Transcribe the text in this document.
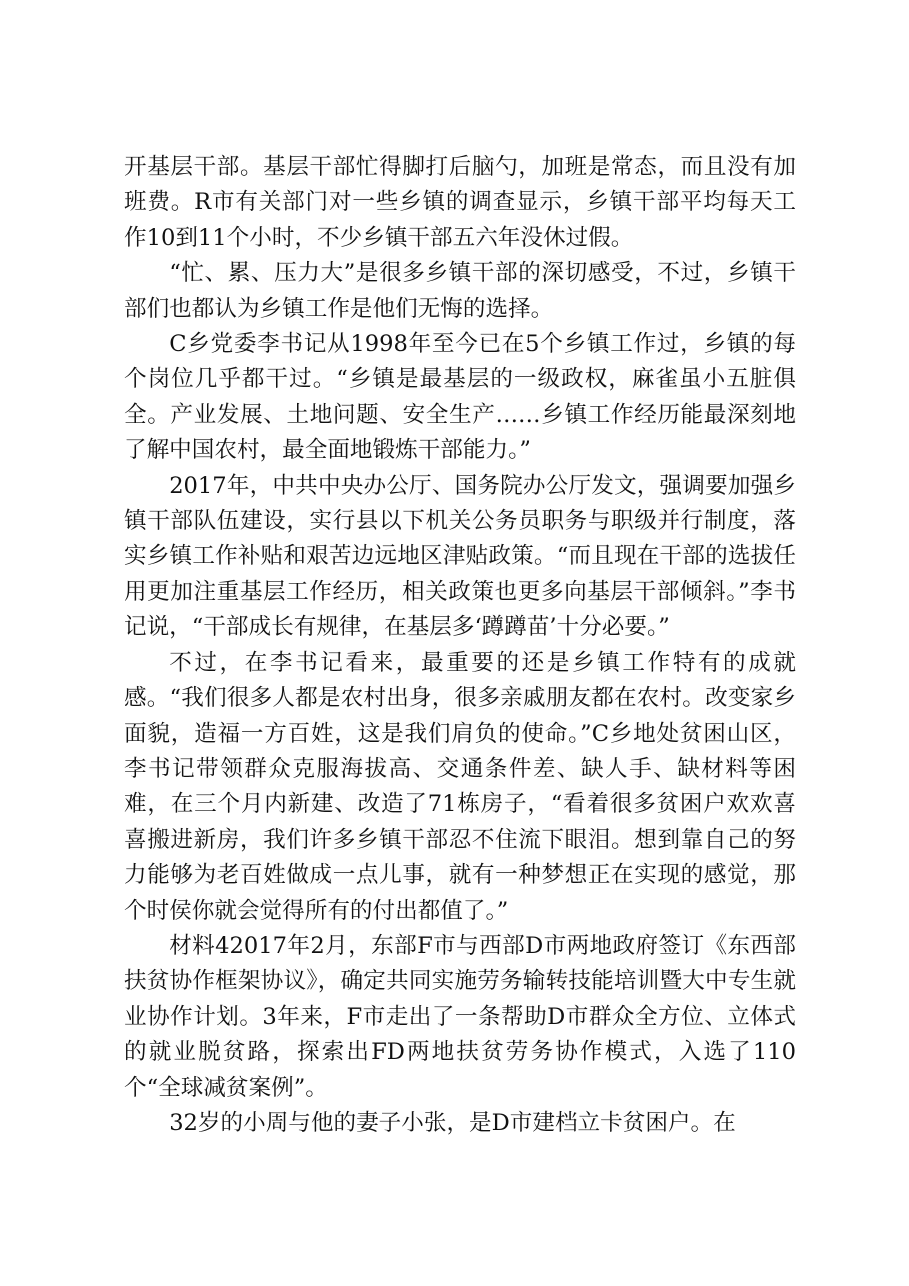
开基层干部。基层干部忙得脚打后脑勺，加班是常态，而且没有加班费。R市有关部门对一些乡镇的调查显示，乡镇干部平均每天工作10到11个小时，不少乡镇干部五六年没休过假。

“忙、累、压力大”是很多乡镇干部的深切感受，不过，乡镇干部们也都认为乡镇工作是他们无悔的选择。

C乡党委李书记从1998年至今已在5个乡镇工作过，乡镇的每个岗位几乎都干过。“乡镇是最基层的一级政权，麻雀虽小五脏俱全。产业发展、土地问题、安全生产……乡镇工作经历能最深刻地了解中国农村，最全面地锻炼干部能力。”

2017年，中共中央办公厅、国务院办公厅发文，强调要加强乡镇干部队伍建设，实行县以下机关公务员职务与职级并行制度，落实乡镇工作补贴和艰苦边远地区津贴政策。“而且现在干部的选拔任用更加注重基层工作经历，相关政策也更多向基层干部倾斜。”李书记说，“干部成长有规律，在基层多‘蹲蹲苗’十分必要。”

不过，在李书记看来，最重要的还是乡镇工作特有的成就感。“我们很多人都是农村出身，很多亲戚朋友都在农村。改变家乡面貌，造福一方百姓，这是我们肩负的使命。”C乡地处贫困山区，李书记带领群众克服海拔高、交通条件差、缺人手、缺材料等困难，在三个月内新建、改造了71栋房子，“看着很多贫困户欢欢喜喜搬进新房，我们许多乡镇干部忍不住流下眼泪。想到靠自己的努力能够为老百姓做成一点儿事，就有一种梦想正在实现的感觉，那个时侯你就会觉得所有的付出都值了。”

材料42017年2月，东部F市与西部D市两地政府签订《东西部扶贫协作框架协议》，确定共同实施劳务输转技能培训暨大中专生就业协作计划。3年来，F市走出了一条帮助D市群众全方位、立体式的就业脱贫路，探索出FD两地扶贫劳务协作模式，入选了110个“全球减贫案例”。

32岁的小周与他的妻子小张，是D市建档立卡贫困户。在
